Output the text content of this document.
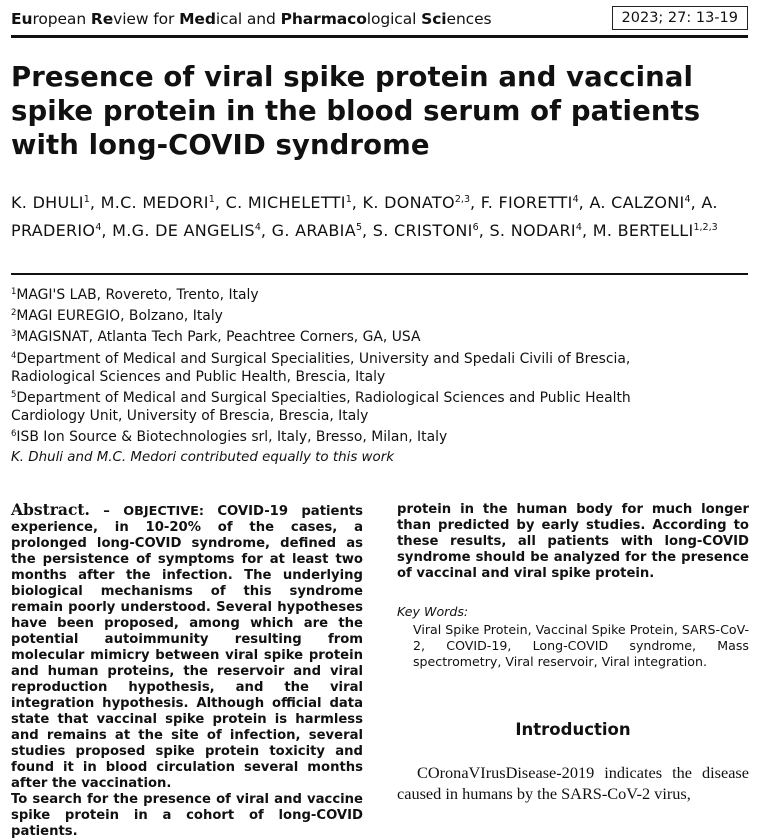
European Review for Medical and Pharmacological Sciences	2023; 27: 13-19
Presence of viral spike protein and vaccinal spike protein in the blood serum of patients with long-COVID syndrome
K. DHULI$^1$, M.C. MEDORI$^1$, C. MICHELETTI$^1$, K. DONATO$^{2,3}$, F. FIORETTI$^4$, A. CALZONI$^4$, A. PRADERIO$^4$, M.G. DE ANGELIS$^4$, G. ARABIA$^5$, S. CRISTONI$^6$, S. NODARI$^4$, M. BERTELLI$^{1,2,3}$
$^1$MAGI'S LAB, Rovereto, Trento, Italy
$^2$MAGI EUREGIO, Bolzano, Italy
$^3$MAGISNAT, Atlanta Tech Park, Peachtree Corners, GA, USA
$^4$Department of Medical and Surgical Specialities, University and Spedali Civili of Brescia,
Radiological Sciences and Public Health, Brescia, Italy
$^5$Department of Medical and Surgical Specialties, Radiological Sciences and Public Health
Cardiology Unit, University of Brescia, Brescia, Italy
$^6$ISB Ion Source & Biotechnologies srl, Italy, Bresso, Milan, Italy
K. Dhuli and M.C. Medori contributed equally to this work

Abstract. – OBJECTIVE: COVID-19 patients experience, in 10-20% of the cases, a prolonged long-COVID syndrome, defined as the persistence of symptoms for at least two months after the infection. The underlying biological mechanisms of this syndrome remain poorly understood. Several hypotheses have been proposed, among which are the potential autoimmunity resulting from molecular mimicry between viral spike protein and human proteins, the reservoir and viral reproduction hypothesis, and the viral integration hypothesis. Although official data state that vaccinal spike protein is harmless and remains at the site of infection, several studies proposed spike protein toxicity and found it in blood circulation several months after the vaccination.

To search for the presence of viral and vaccine spike protein in a cohort of long-COVID patients.

protein in the human body for much longer than predicted by early studies. According to these results, all patients with long-COVID syndrome should be analyzed for the presence of vaccinal and viral spike protein.
Key Words:
Viral Spike Protein, Vaccinal Spike Protein, SARS-CoV-2, COVID-19, Long-COVID syndrome, Mass spectrometry, Viral reservoir, Viral integration.
Introduction
COronaVIrusDisease-2019 indicates the disease caused in humans by the SARS-CoV-2 virus,
